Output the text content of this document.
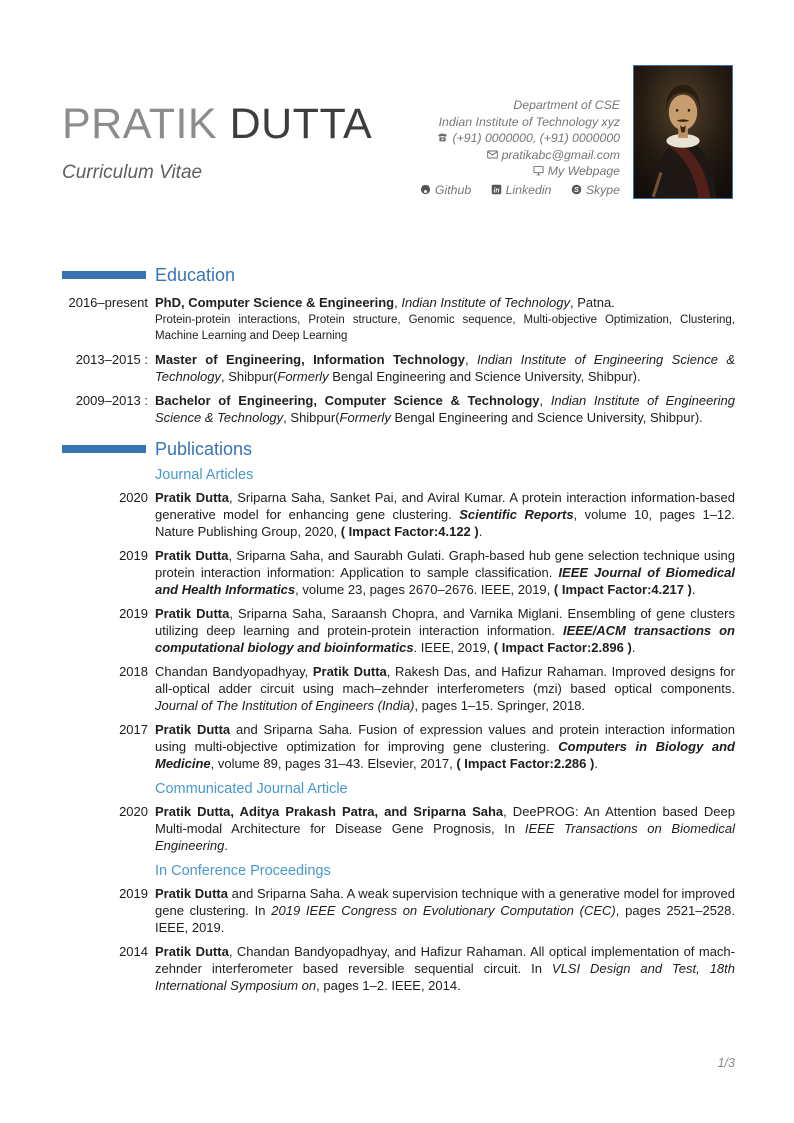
PRATIK DUTTA
Curriculum Vitae
Department of CSE
Indian Institute of Technology xyz
(+91) 0000000, (+91) 0000000
pratikabc@gmail.com
My Webpage
Github	in Linkedin	S Skype
Education
2016–present PhD, Computer Science & Engineering, Indian Institute of Technology, Patna.
Protein-protein interactions, Protein structure, Genomic sequence, Multi-objective Optimization, Clustering, Machine Learning and Deep Learning
2013–2015 : Master of Engineering, Information Technology, Indian Institute of Engineering Science & Technology, Shibpur(Formerly Bengal Engineering and Science University, Shibpur).
2009–2013 : Bachelor of Engineering, Computer Science & Technology, Indian Institute of Engineering Science & Technology, Shibpur(Formerly Bengal Engineering and Science University, Shibpur).
Publications
Journal Articles
2020 Pratik Dutta, Sriparna Saha, Sanket Pai, and Aviral Kumar. A protein interaction information-based generative model for enhancing gene clustering. Scientific Reports, volume 10, pages 1–12. Nature Publishing Group, 2020, ( Impact Factor:4.122 ).
2019 Pratik Dutta, Sriparna Saha, and Saurabh Gulati. Graph-based hub gene selection technique using protein interaction information: Application to sample classification. IEEE Journal of Biomedical and Health Informatics, volume 23, pages 2670–2676. IEEE, 2019, ( Impact Factor:4.217 ).
2019 Pratik Dutta, Sriparna Saha, Saraansh Chopra, and Varnika Miglani. Ensembling of gene clusters utilizing deep learning and protein-protein interaction information. IEEE/ACM transactions on computational biology and bioinformatics. IEEE, 2019, ( Impact Factor:2.896 ).
2018 Chandan Bandyopadhyay, Pratik Dutta, Rakesh Das, and Hafizur Rahaman. Improved designs for all-optical adder circuit using mach–zehnder interferometers (mzi) based optical components. Journal of The Institution of Engineers (India), pages 1–15. Springer, 2018.
2017 Pratik Dutta and Sriparna Saha. Fusion of expression values and protein interaction information using multi-objective optimization for improving gene clustering. Computers in Biology and Medicine, volume 89, pages 31–43. Elsevier, 2017, ( Impact Factor:2.286 ).
Communicated Journal Article
2020 Pratik Dutta, Aditya Prakash Patra, and Sriparna Saha, DeePROG: An Attention based Deep Multi-modal Architecture for Disease Gene Prognosis, In IEEE Transactions on Biomedical Engineering.
In Conference Proceedings
2019 Pratik Dutta and Sriparna Saha. A weak supervision technique with a generative model for improved gene clustering. In 2019 IEEE Congress on Evolutionary Computation (CEC), pages 2521–2528. IEEE, 2019.
2014 Pratik Dutta, Chandan Bandyopadhyay, and Hafizur Rahaman. All optical implementation of mach-zehnder interferometer based reversible sequential circuit. In VLSI Design and Test, 18th International Symposium on, pages 1–2. IEEE, 2014.
1/3
